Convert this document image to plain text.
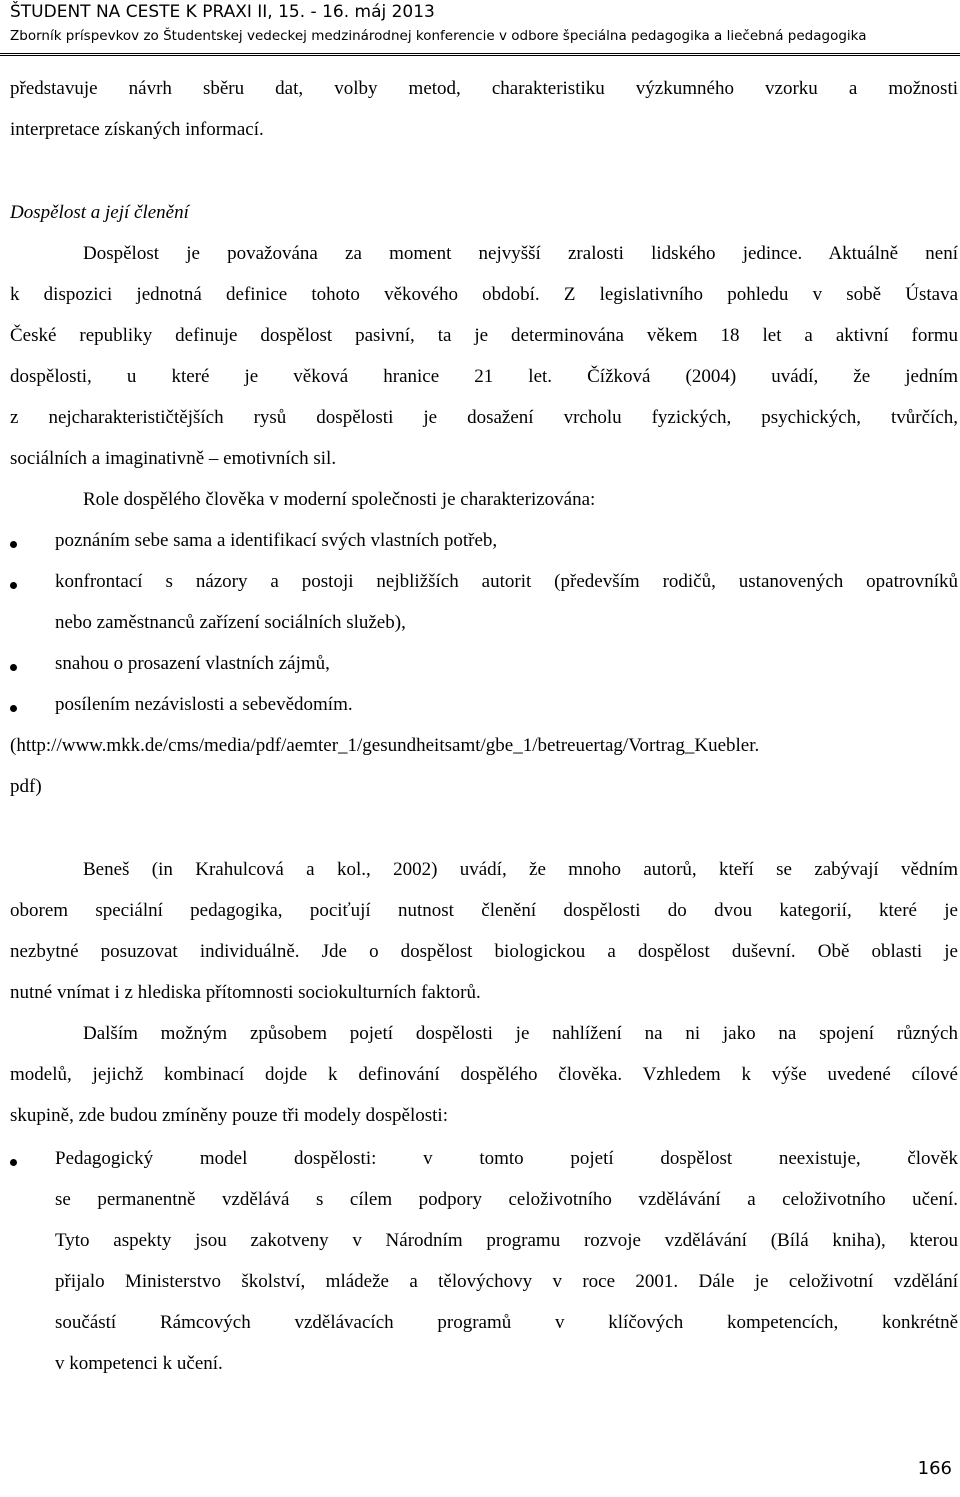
ŠTUDENT NA CESTE K PRAXI II, 15. - 16. máj 2013
Zborník príspevkov zo Študentskej vedeckej medzinárodnej konferencie v odbore špeciálna pedagogika a liečebná pedagogika
představuje návrh sběru dat, volby metod, charakteristiku výzkumného vzorku a možnosti
interpretace získaných informací.
Dospělost a její členění
Dospělost je považována za moment nejvyšší zralosti lidského jedince. Aktuálně není
k dispozici jednotná definice tohoto věkového období. Z legislativního pohledu v sobě Ústava
České republiky definuje dospělost pasivní, ta je determinována věkem 18 let a aktivní formu
dospělosti, u které je věková hranice 21 let. Čížková (2004) uvádí, že jedním
z nejcharakterističtějších rysů dospělosti je dosažení vrcholu fyzických, psychických, tvůrčích,
sociálních a imaginativně – emotivních sil.
Role dospělého člověka v moderní společnosti je charakterizována:
poznáním sebe sama a identifikací svých vlastních potřeb,
konfrontací s názory a postoji nejbližších autorit (především rodičů, ustanovených opatrovníků
nebo zaměstnanců zařízení sociálních služeb),
snahou o prosazení vlastních zájmů,
posílením nezávislosti a sebevědomím.
(http://www.mkk.de/cms/media/pdf/aemter_1/gesundheitsamt/gbe_1/betreuertag/Vortrag_Kuebler.
pdf)
Beneš (in Krahulcová a kol., 2002) uvádí, že mnoho autorů, kteří se zabývají vědním
oborem speciální pedagogika, pociťují nutnost členění dospělosti do dvou kategorií, které je
nezbytné posuzovat individuálně. Jde o dospělost biologickou a dospělost duševní. Obě oblasti je
nutné vnímat i z hlediska přítomnosti sociokulturních faktorů.
Dalším možným způsobem pojetí dospělosti je nahlížení na ni jako na spojení různých
modelů, jejichž kombinací dojde k definování dospělého člověka. Vzhledem k výše uvedené cílové
skupině, zde budou zmíněny pouze tři modely dospělosti:
Pedagogický model dospělosti: v tomto pojetí dospělost neexistuje, člověk
se permanentně vzdělává s cílem podpory celoživotního vzdělávání a celoživotního učení.
Tyto aspekty jsou zakotveny v Národním programu rozvoje vzdělávání (Bílá kniha), kterou
přijalo Ministerstvo školství, mládeže a tělovýchovy v roce 2001. Dále je celoživotní vzdělání
součástí Rámcových vzdělávacích programů v klíčových kompetencích, konkrétně
v kompetenci k učení.
166
